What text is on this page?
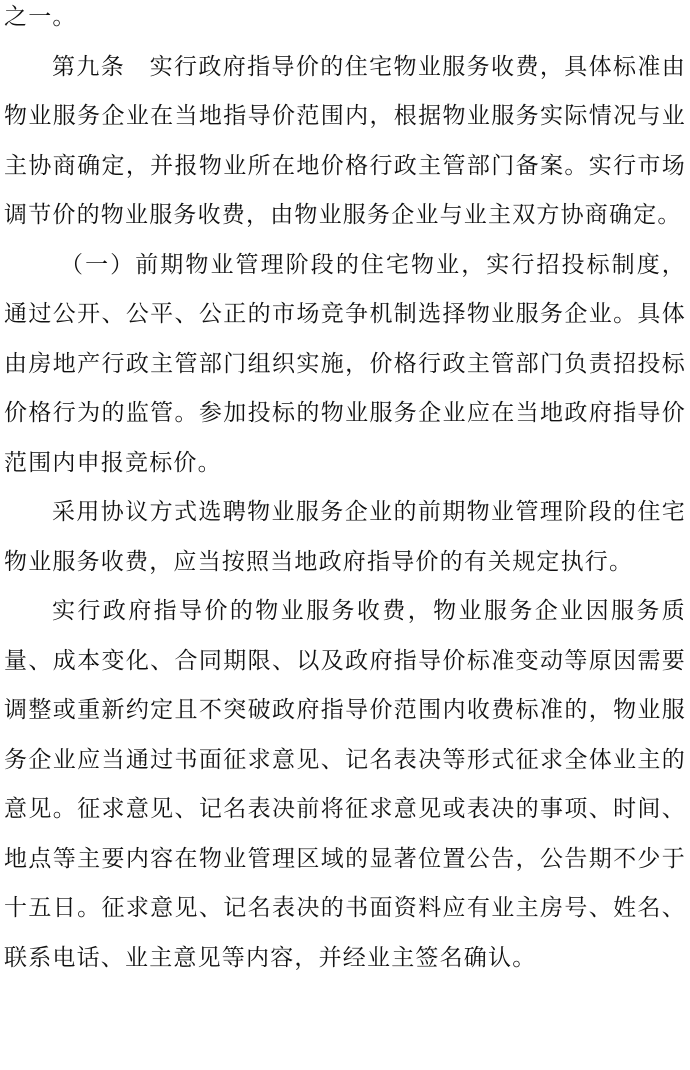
之一。

第九条　实行政府指导价的住宅物业服务收费，具体标准由物业服务企业在当地指导价范围内，根据物业服务实际情况与业主协商确定，并报物业所在地价格行政主管部门备案。实行市场调节价的物业服务收费，由物业服务企业与业主双方协商确定。

（一）前期物业管理阶段的住宅物业，实行招投标制度，通过公开、公平、公正的市场竞争机制选择物业服务企业。具体由房地产行政主管部门组织实施，价格行政主管部门负责招投标价格行为的监管。参加投标的物业服务企业应在当地政府指导价范围内申报竞标价。

采用协议方式选聘物业服务企业的前期物业管理阶段的住宅物业服务收费，应当按照当地政府指导价的有关规定执行。

实行政府指导价的物业服务收费，物业服务企业因服务质量、成本变化、合同期限、以及政府指导价标准变动等原因需要调整或重新约定且不突破政府指导价范围内收费标准的，物业服务企业应当通过书面征求意见、记名表决等形式征求全体业主的意见。征求意见、记名表决前将征求意见或表决的事项、时间、地点等主要内容在物业管理区域的显著位置公告，公告期不少于十五日。征求意见、记名表决的书面资料应有业主房号、姓名、联系电话、业主意见等内容，并经业主签名确认。
